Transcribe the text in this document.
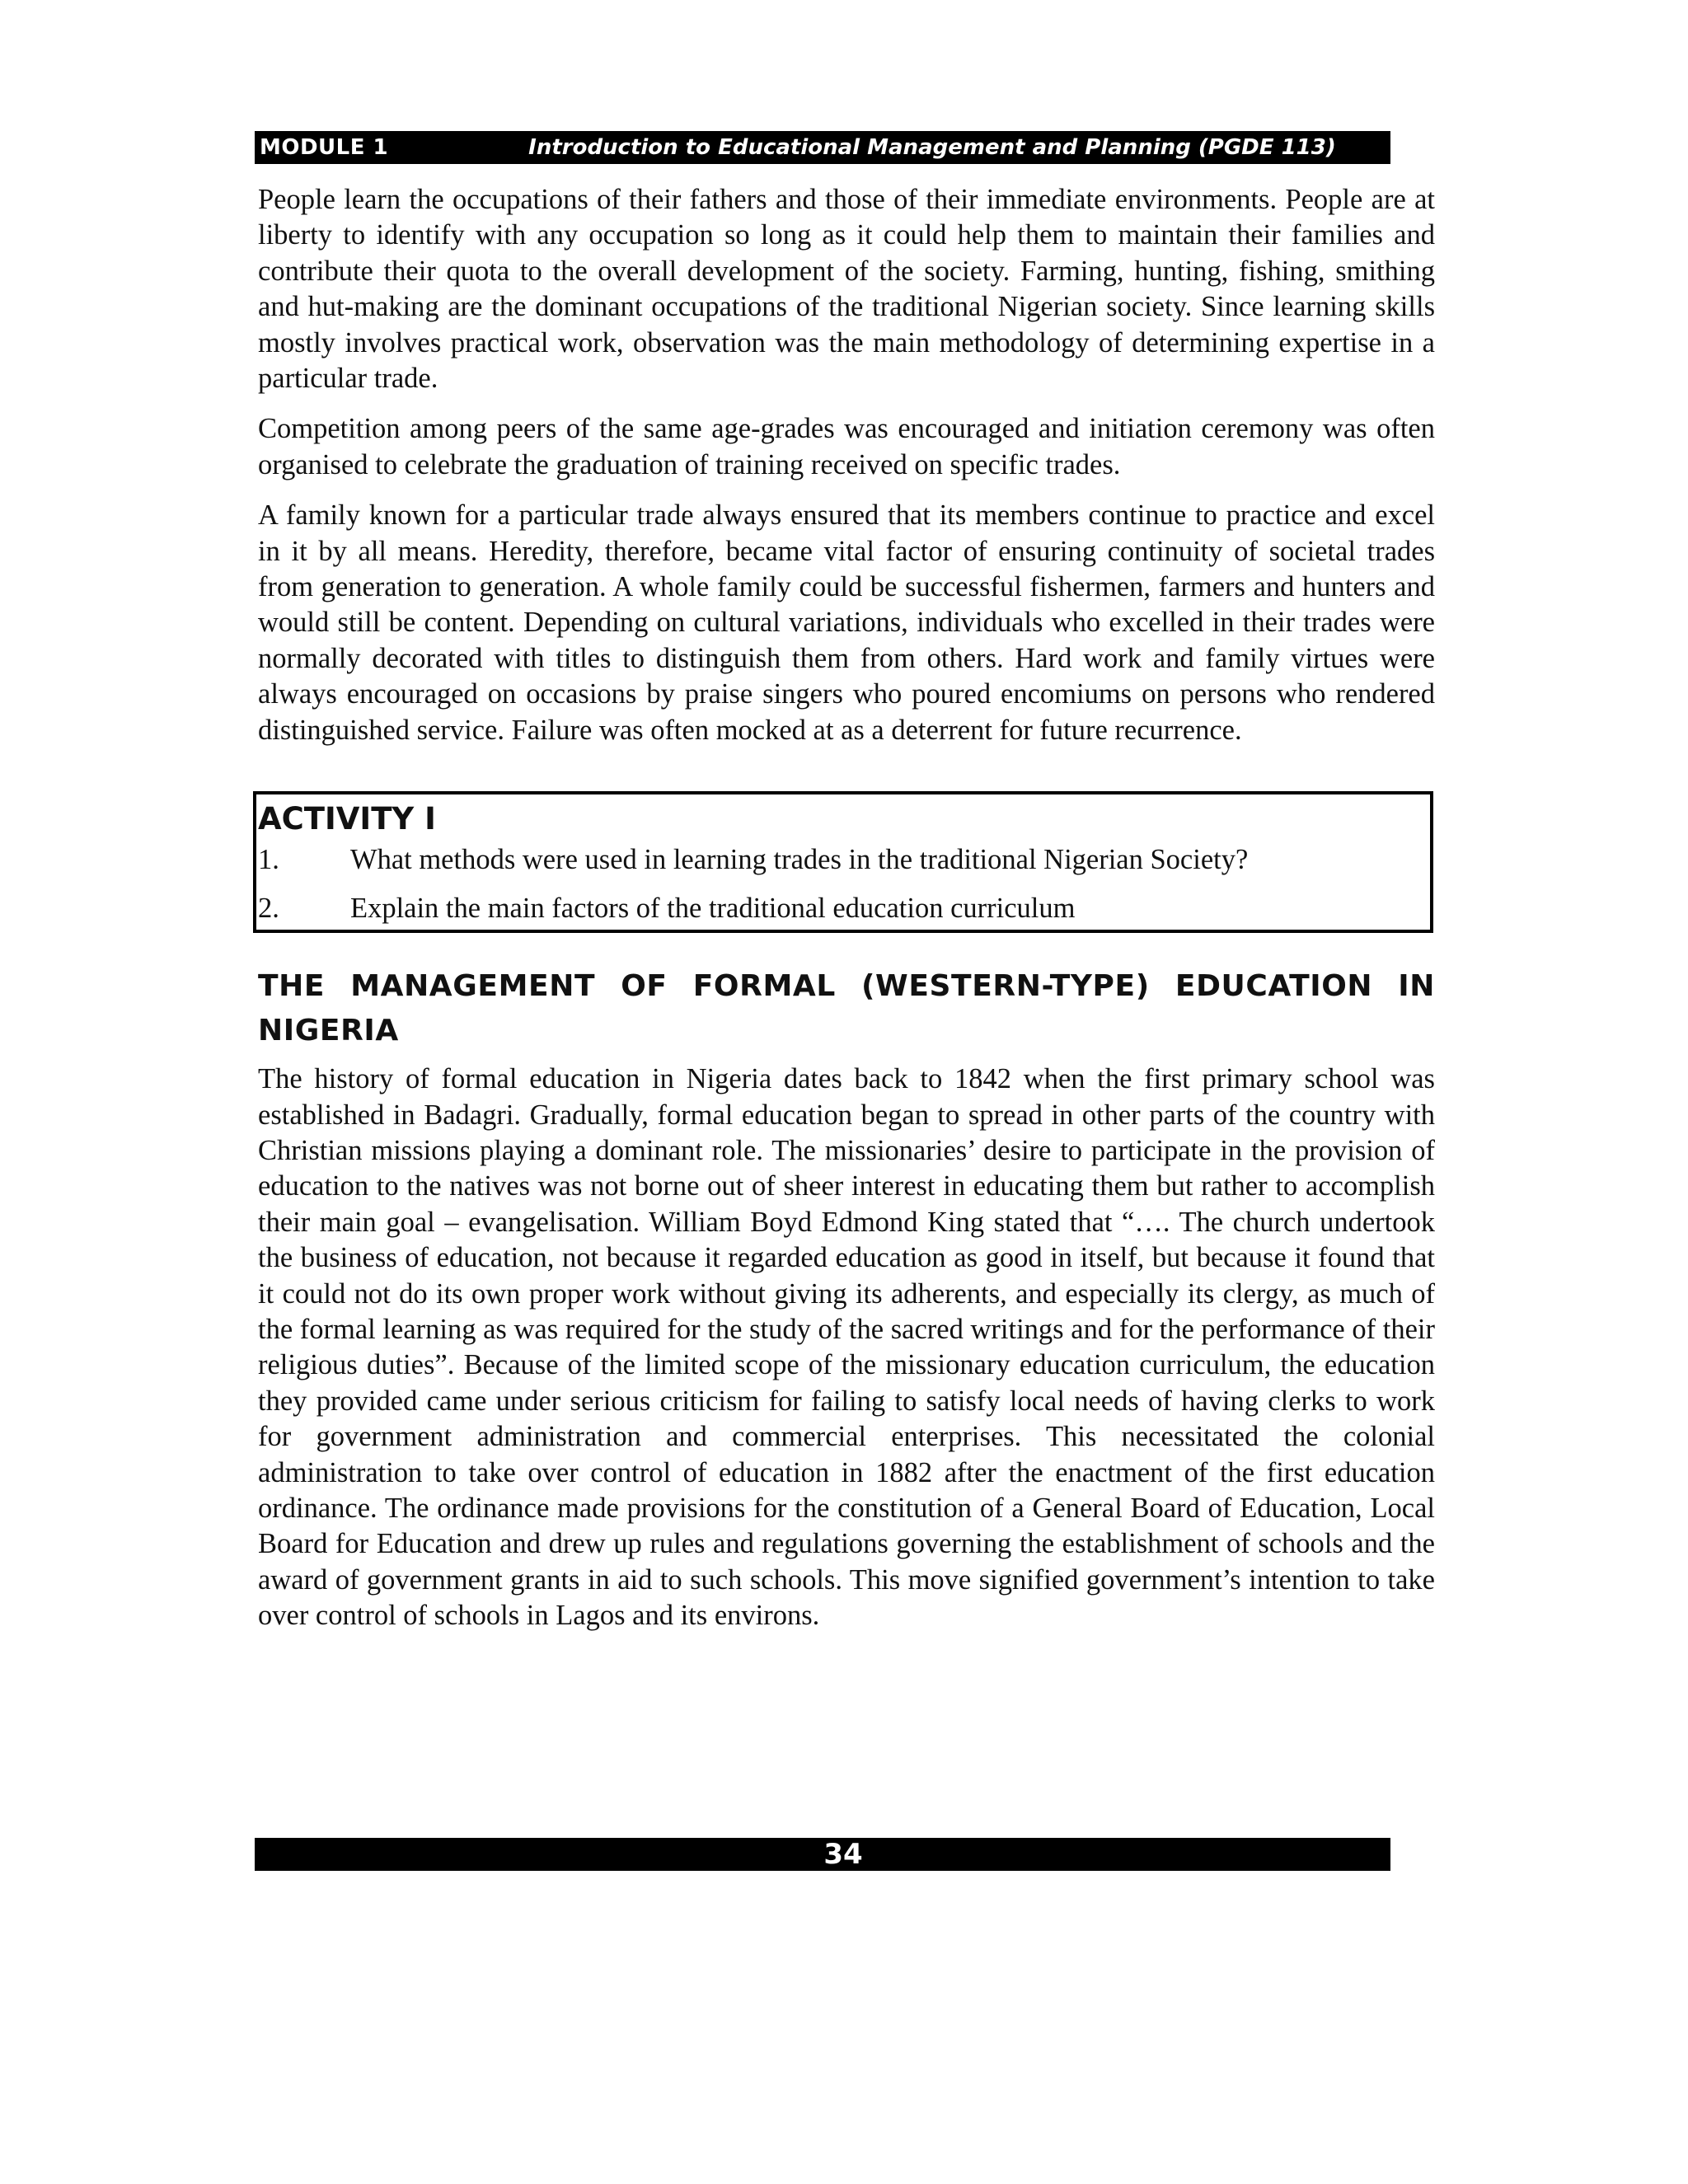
MODULE 1	Introduction to Educational Management and Planning (PGDE 113)

People learn the occupations of their fathers and those of their immediate environments. People are at liberty to identify with any occupation so long as it could help them to maintain their families and contribute their quota to the overall development of the society. Farming, hunting, fishing, smithing and hut-making are the dominant occupations of the traditional Nigerian society. Since learning skills mostly involves practical work, observation was the main methodology of determining expertise in a particular trade.

Competition among peers of the same age-grades was encouraged and initiation ceremony was often organised to celebrate the graduation of training received on specific trades.

A family known for a particular trade always ensured that its members continue to practice and excel in it by all means. Heredity, therefore, became vital factor of ensuring continuity of societal trades from generation to generation. A whole family could be successful fishermen, farmers and hunters and would still be content. Depending on cultural variations, individuals who excelled in their trades were normally decorated with titles to distinguish them from others. Hard work and family virtues were always encouraged on occasions by praise singers who poured encomiums on persons who rendered distinguished service. Failure was often mocked at as a deterrent for future recurrence.

ACTIVITY I
1.	What methods were used in learning trades in the traditional Nigerian Society?
2.	Explain the main factors of the traditional education curriculum
THE MANAGEMENT OF FORMAL (WESTERN-TYPE) EDUCATION IN NIGERIA

The history of formal education in Nigeria dates back to 1842 when the first primary school was established in Badagri. Gradually, formal education began to spread in other parts of the country with Christian missions playing a dominant role. The missionaries’ desire to participate in the provision of education to the natives was not borne out of sheer interest in educating them but rather to accomplish their main goal – evangelisation. William Boyd Edmond King stated that “…. The church undertook the business of education, not because it regarded education as good in itself, but because it found that it could not do its own proper work without giving its adherents, and especially its clergy, as much of the formal learning as was required for the study of the sacred writings and for the performance of their religious duties”. Because of the limited scope of the missionary education curriculum, the education they provided came under serious criticism for failing to satisfy local needs of having clerks to work for government administration and commercial enterprises. This necessitated the colonial administration to take over control of education in 1882 after the enactment of the first education ordinance. The ordinance made provisions for the constitution of a General Board of Education, Local Board for Education and drew up rules and regulations governing the establishment of schools and the award of government grants in aid to such schools. This move signified government’s intention to take over control of schools in Lagos and its environs.

34
